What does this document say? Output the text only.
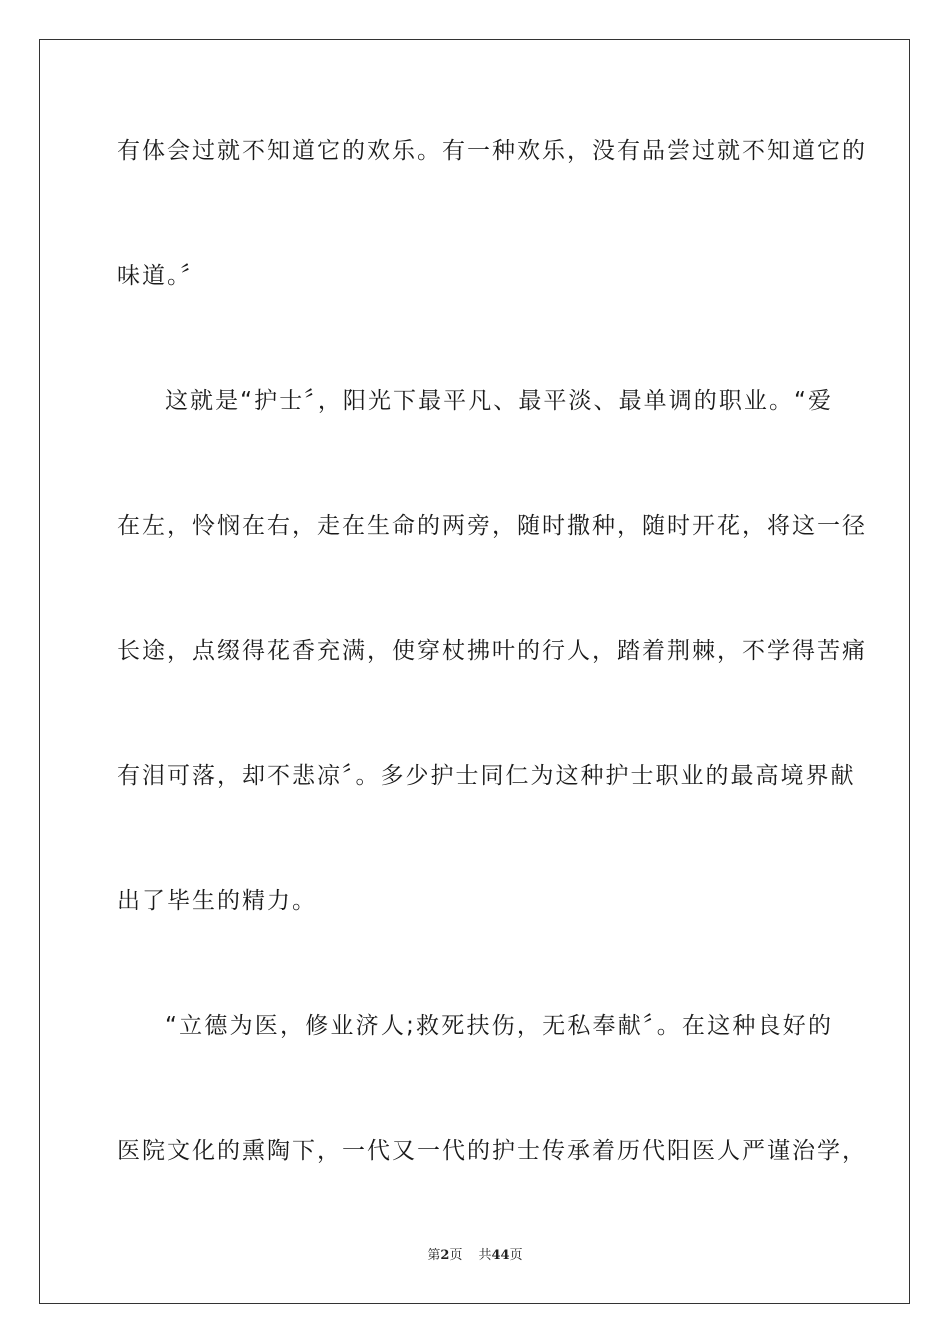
有体会过就不知道它的欢乐。有一种欢乐，没有品尝过就不知道它的
味道。〞
这就是“护士〞，阳光下最平凡、最平淡、最单调的职业。“爱
在左，怜悯在右，走在生命的两旁，随时撒种，随时开花，将这一径
长途，点缀得花香充满，使穿杖拂叶的行人，踏着荆棘，不学得苦痛
有泪可落，却不悲凉〞。多少护士同仁为这种护士职业的最高境界献
出了毕生的精力。
“立德为医，修业济人;救死扶伤，无私奉献〞。在这种良好的
医院文化的熏陶下，一代又一代的护士传承着历代阳医人严谨治学，
第2页 共44页
